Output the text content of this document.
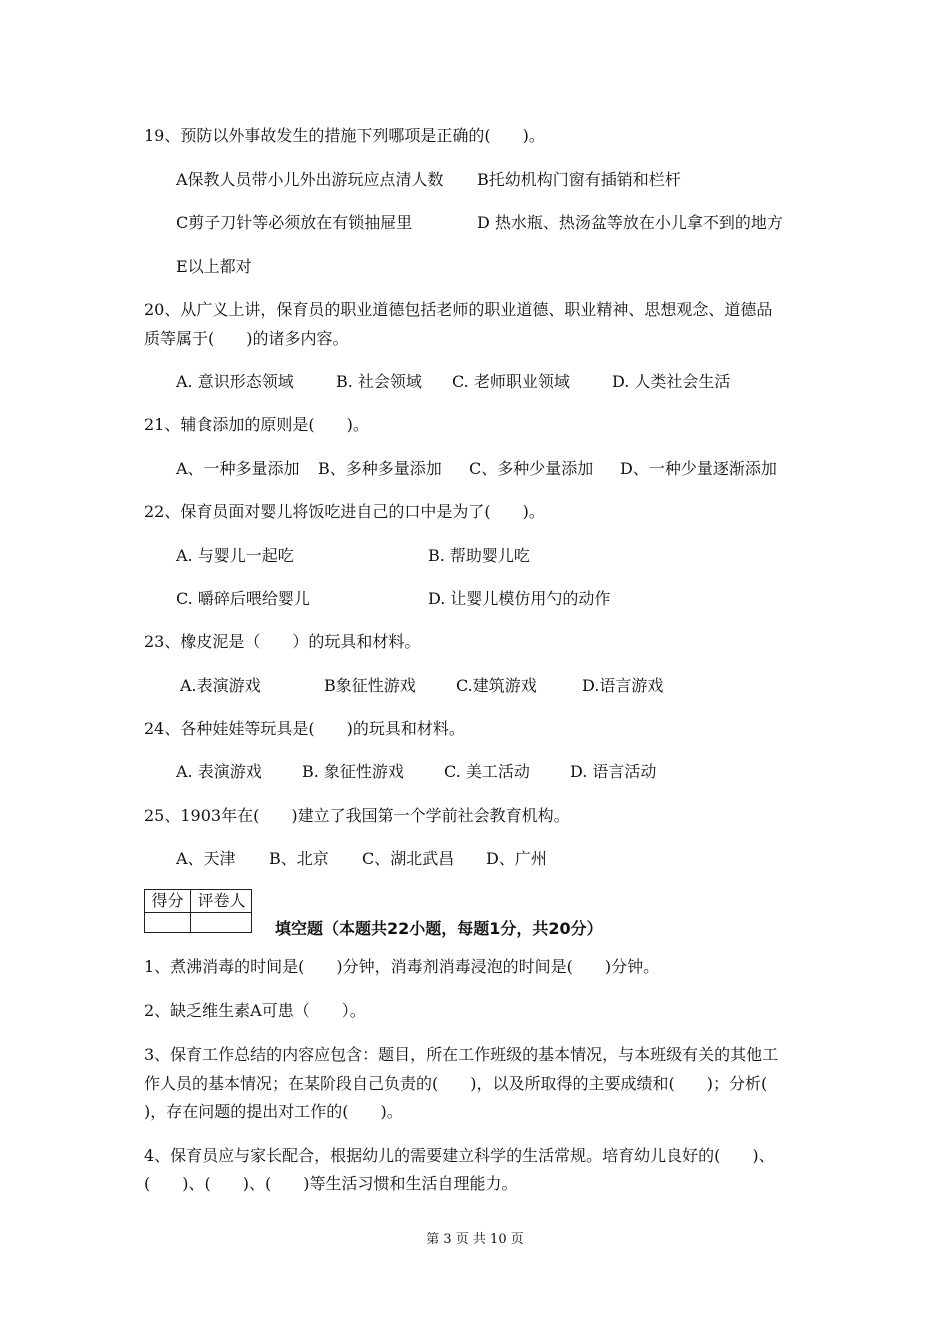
19、预防以外事故发生的措施下列哪项是正确的(　　)。
A保教人员带小儿外出游玩应点清人数 B托幼机构门窗有插销和栏杆
C剪子刀针等必须放在有锁抽屉里	D 热水瓶、热汤盆等放在小儿拿不到的地方
E以上都对
20、从广义上讲，保育员的职业道德包括老师的职业道德、职业精神、思想观念、道德品
质等属于(　　)的诸多内容。
A. 意识形态领域	B. 社会领域 C. 老师职业领域	D. 人类社会生活
21、辅食添加的原则是(　　)。
A、一种多量添加 B、多种多量添加 C、多种少量添加 D、一种少量逐渐添加
22、保育员面对婴儿将饭吃进自己的口中是为了(　　)。
A. 与婴儿一起吃	B. 帮助婴儿吃
C. 嚼碎后喂给婴儿	D. 让婴儿模仿用勺的动作
23、橡皮泥是（　　）的玩具和材料。
A.表演游戏	B象征性游戏	C.建筑游戏	D.语言游戏
24、各种娃娃等玩具是(　　)的玩具和材料。
A. 表演游戏	B. 象征性游戏	C. 美工活动	D. 语言活动
25、1903年在(　　)建立了我国第一个学前社会教育机构。
A、天津 B、北京 C、湖北武昌 D、广州
得分 评卷人
填空题（本题共22小题，每题1分，共20分）
1、煮沸消毒的时间是(　　)分钟，消毒剂消毒浸泡的时间是(　　)分钟。
2、缺乏维生素A可患（　　）。
3、保育工作总结的内容应包含：题目，所在工作班级的基本情况，与本班级有关的其他工
作人员的基本情况；在某阶段自己负责的(　　)，以及所取得的主要成绩和(　　)；分析(
)，存在问题的提出对工作的(　　)。
4、保育员应与家长配合，根据幼儿的需要建立科学的生活常规。培育幼儿良好的(　　)、
(　　)、(　　)、(　　)等生活习惯和生活自理能力。
第 3 页 共 10 页
